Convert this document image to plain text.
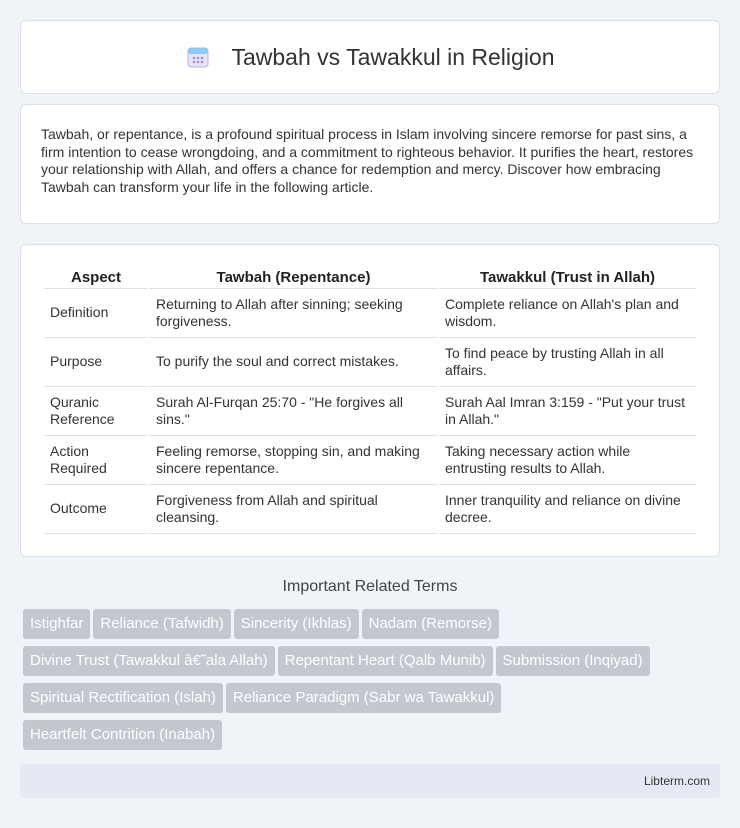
Tawbah vs Tawakkul in Religion

Tawbah, or repentance, is a profound spiritual process in Islam involving sincere remorse for past sins, a firm intention to cease wrongdoing, and a commitment to righteous behavior. It purifies the heart, restores your relationship with Allah, and offers a chance for redemption and mercy. Discover how embracing Tawbah can transform your life in the following article.

Aspect	Tawbah (Repentance)	Tawakkul (Trust in Allah)
Definition	Returning to Allah after sinning; seeking forgiveness.	Complete reliance on Allah's plan and wisdom.
Purpose	To purify the soul and correct mistakes.	To find peace by trusting Allah in all affairs.
Quranic Reference	Surah Al-Furqan 25:70 - "He forgives all sins."	Surah Aal Imran 3:159 - "Put your trust in Allah."
Action Required	Feeling remorse, stopping sin, and making sincere repentance.	Taking necessary action while entrusting results to Allah.
Outcome	Forgiveness from Allah and spiritual cleansing.	Inner tranquility and reliance on divine decree.
Important Related Terms
Istighfar Reliance (Tafwidh) Sincerity (Ikhlas) Nadam (Remorse)
Divine Trust (Tawakkul â€˜ala Allah) Repentant Heart (Qalb Munib) Submission (Inqiyad)
Spiritual Rectification (Islah) Reliance Paradigm (Sabr wa Tawakkul)
Heartfelt Contrition (Inabah)
Libterm.com
